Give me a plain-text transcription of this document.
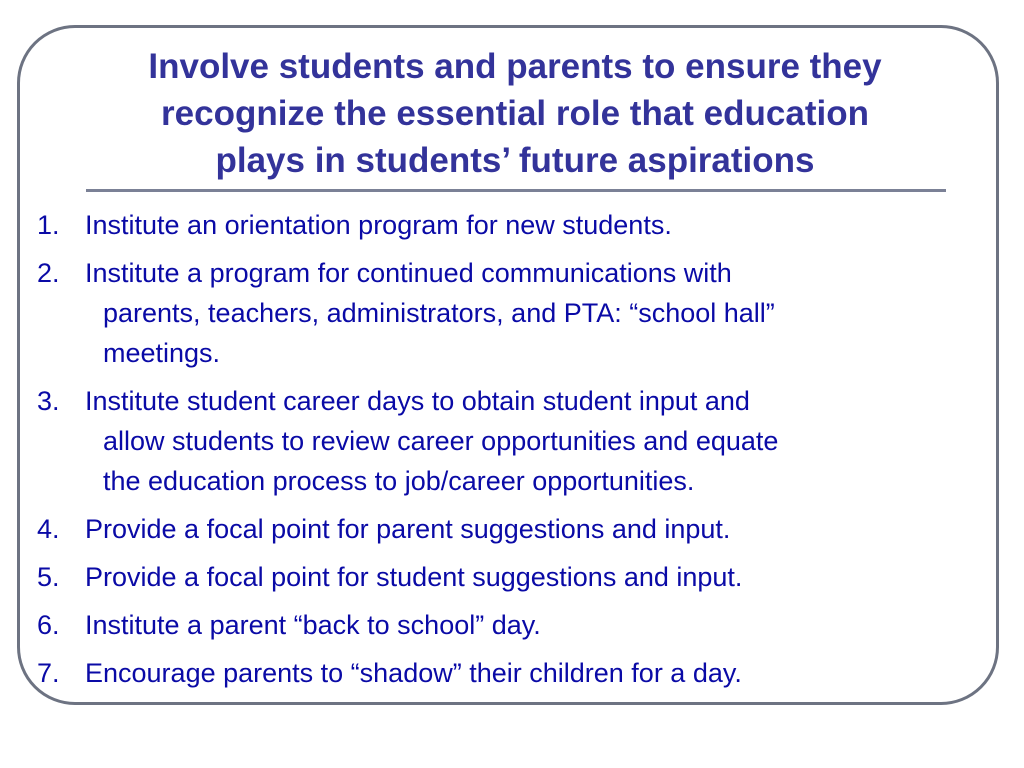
Involve students and parents to ensure they
recognize the essential role that education
plays in students’ future aspirations
1. Institute an orientation program for new students.
2. Institute a program for continued communications with
parents, teachers, administrators, and PTA: “school hall”
meetings.
3. Institute student career days to obtain student input and
allow students to review career opportunities and equate
the education process to job/career opportunities.
4. Provide a focal point for parent suggestions and input.
5. Provide a focal point for student suggestions and input.
6. Institute a parent “back to school” day.
7. Encourage parents to “shadow” their children for a day.
